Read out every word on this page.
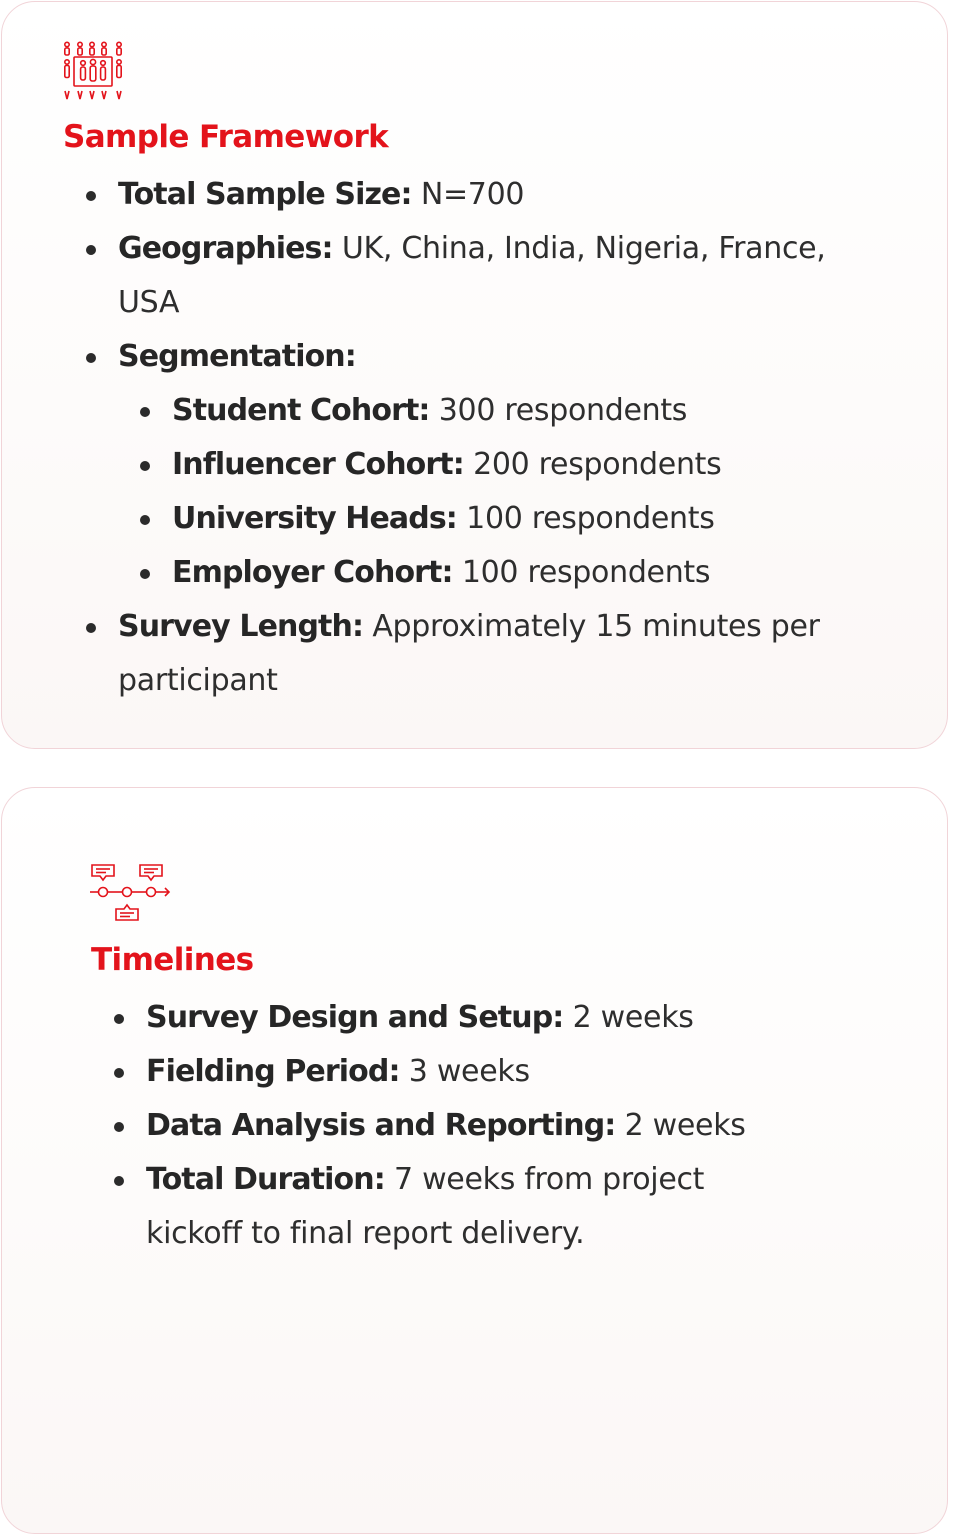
Sample Framework
Total Sample Size: N=700
Geographies: UK, China, India, Nigeria, France, USA
Segmentation:
Student Cohort: 300 respondents
Influencer Cohort: 200 respondents
University Heads: 100 respondents
Employer Cohort: 100 respondents
Survey Length: Approximately 15 minutes per participant
Timelines
Survey Design and Setup: 2 weeks
Fielding Period: 3 weeks
Data Analysis and Reporting: 2 weeks
Total Duration: 7 weeks from project kickoff to final report delivery.
